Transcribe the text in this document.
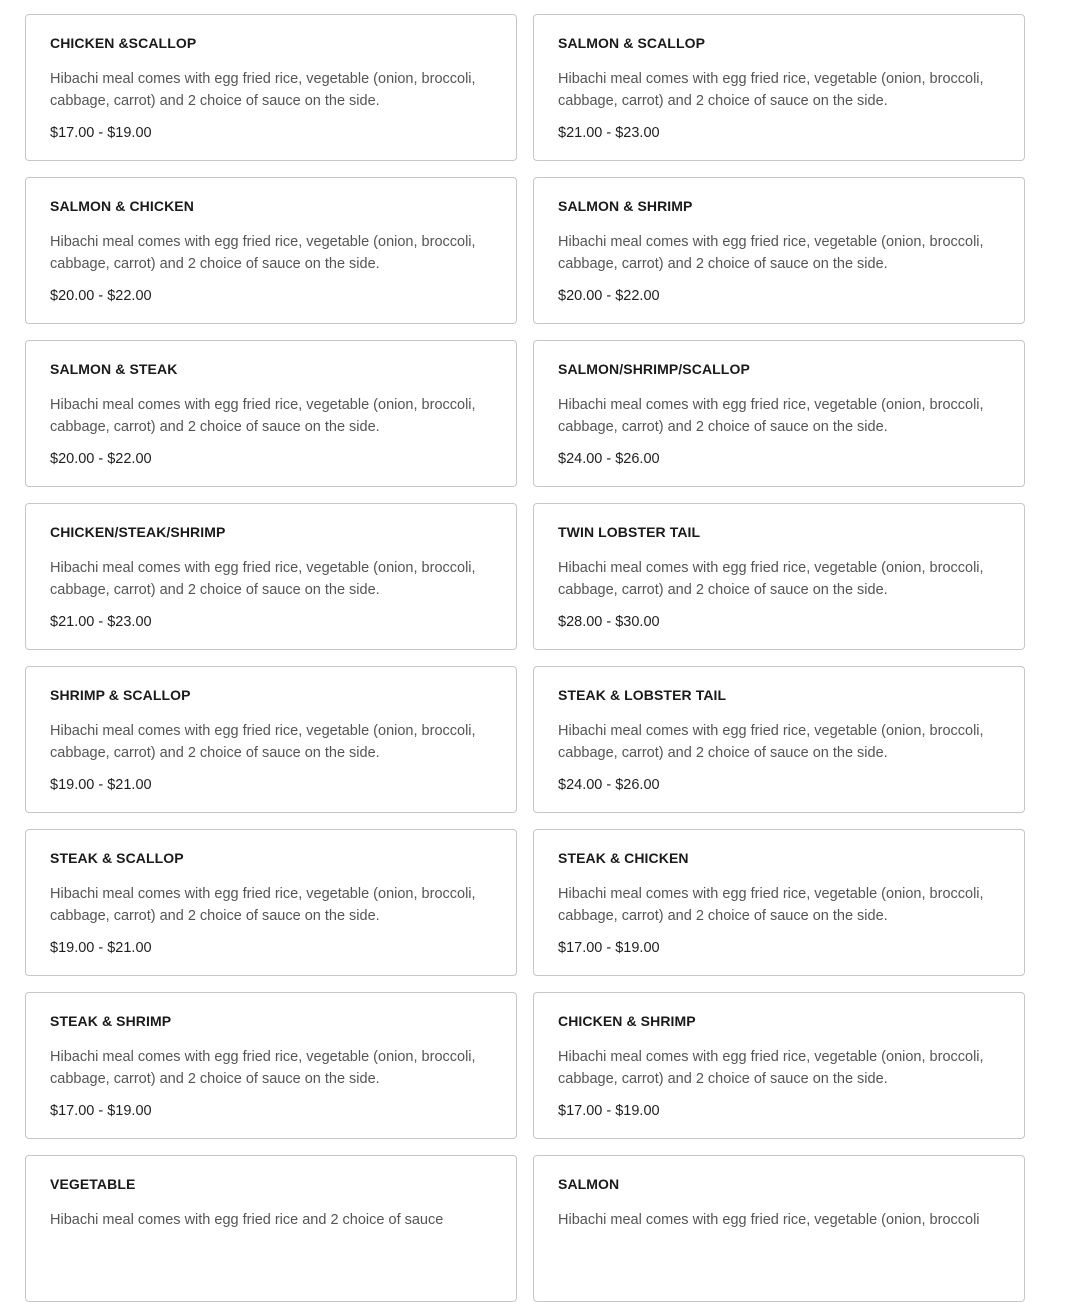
CHICKEN &SCALLOP
Hibachi meal comes with egg fried rice, vegetable (onion, broccoli, cabbage, carrot) and 2 choice of sauce on the side.
$17.00 - $19.00
SALMON & SCALLOP
Hibachi meal comes with egg fried rice, vegetable (onion, broccoli, cabbage, carrot) and 2 choice of sauce on the side.
$21.00 - $23.00
SALMON & CHICKEN
Hibachi meal comes with egg fried rice, vegetable (onion, broccoli, cabbage, carrot) and 2 choice of sauce on the side.
$20.00 - $22.00
SALMON & SHRIMP
Hibachi meal comes with egg fried rice, vegetable (onion, broccoli, cabbage, carrot) and 2 choice of sauce on the side.
$20.00 - $22.00
SALMON & STEAK
Hibachi meal comes with egg fried rice, vegetable (onion, broccoli, cabbage, carrot) and 2 choice of sauce on the side.
$20.00 - $22.00
SALMON/SHRIMP/SCALLOP
Hibachi meal comes with egg fried rice, vegetable (onion, broccoli, cabbage, carrot) and 2 choice of sauce on the side.
$24.00 - $26.00
CHICKEN/STEAK/SHRIMP
Hibachi meal comes with egg fried rice, vegetable (onion, broccoli, cabbage, carrot) and 2 choice of sauce on the side.
$21.00 - $23.00
TWIN LOBSTER TAIL
Hibachi meal comes with egg fried rice, vegetable (onion, broccoli, cabbage, carrot) and 2 choice of sauce on the side.
$28.00 - $30.00
SHRIMP & SCALLOP
Hibachi meal comes with egg fried rice, vegetable (onion, broccoli, cabbage, carrot) and 2 choice of sauce on the side.
$19.00 - $21.00
STEAK & LOBSTER TAIL
Hibachi meal comes with egg fried rice, vegetable (onion, broccoli, cabbage, carrot) and 2 choice of sauce on the side.
$24.00 - $26.00
STEAK & SCALLOP
Hibachi meal comes with egg fried rice, vegetable (onion, broccoli, cabbage, carrot) and 2 choice of sauce on the side.
$19.00 - $21.00
STEAK & CHICKEN
Hibachi meal comes with egg fried rice, vegetable (onion, broccoli, cabbage, carrot) and 2 choice of sauce on the side.
$17.00 - $19.00
STEAK & SHRIMP
Hibachi meal comes with egg fried rice, vegetable (onion, broccoli, cabbage, carrot) and 2 choice of sauce on the side.
$17.00 - $19.00
CHICKEN & SHRIMP
Hibachi meal comes with egg fried rice, vegetable (onion, broccoli, cabbage, carrot) and 2 choice of sauce on the side.
$17.00 - $19.00
VEGETABLE
Hibachi meal comes with egg fried rice and 2 choice of sauce
SALMON
Hibachi meal comes with egg fried rice, vegetable (onion, broccoli
